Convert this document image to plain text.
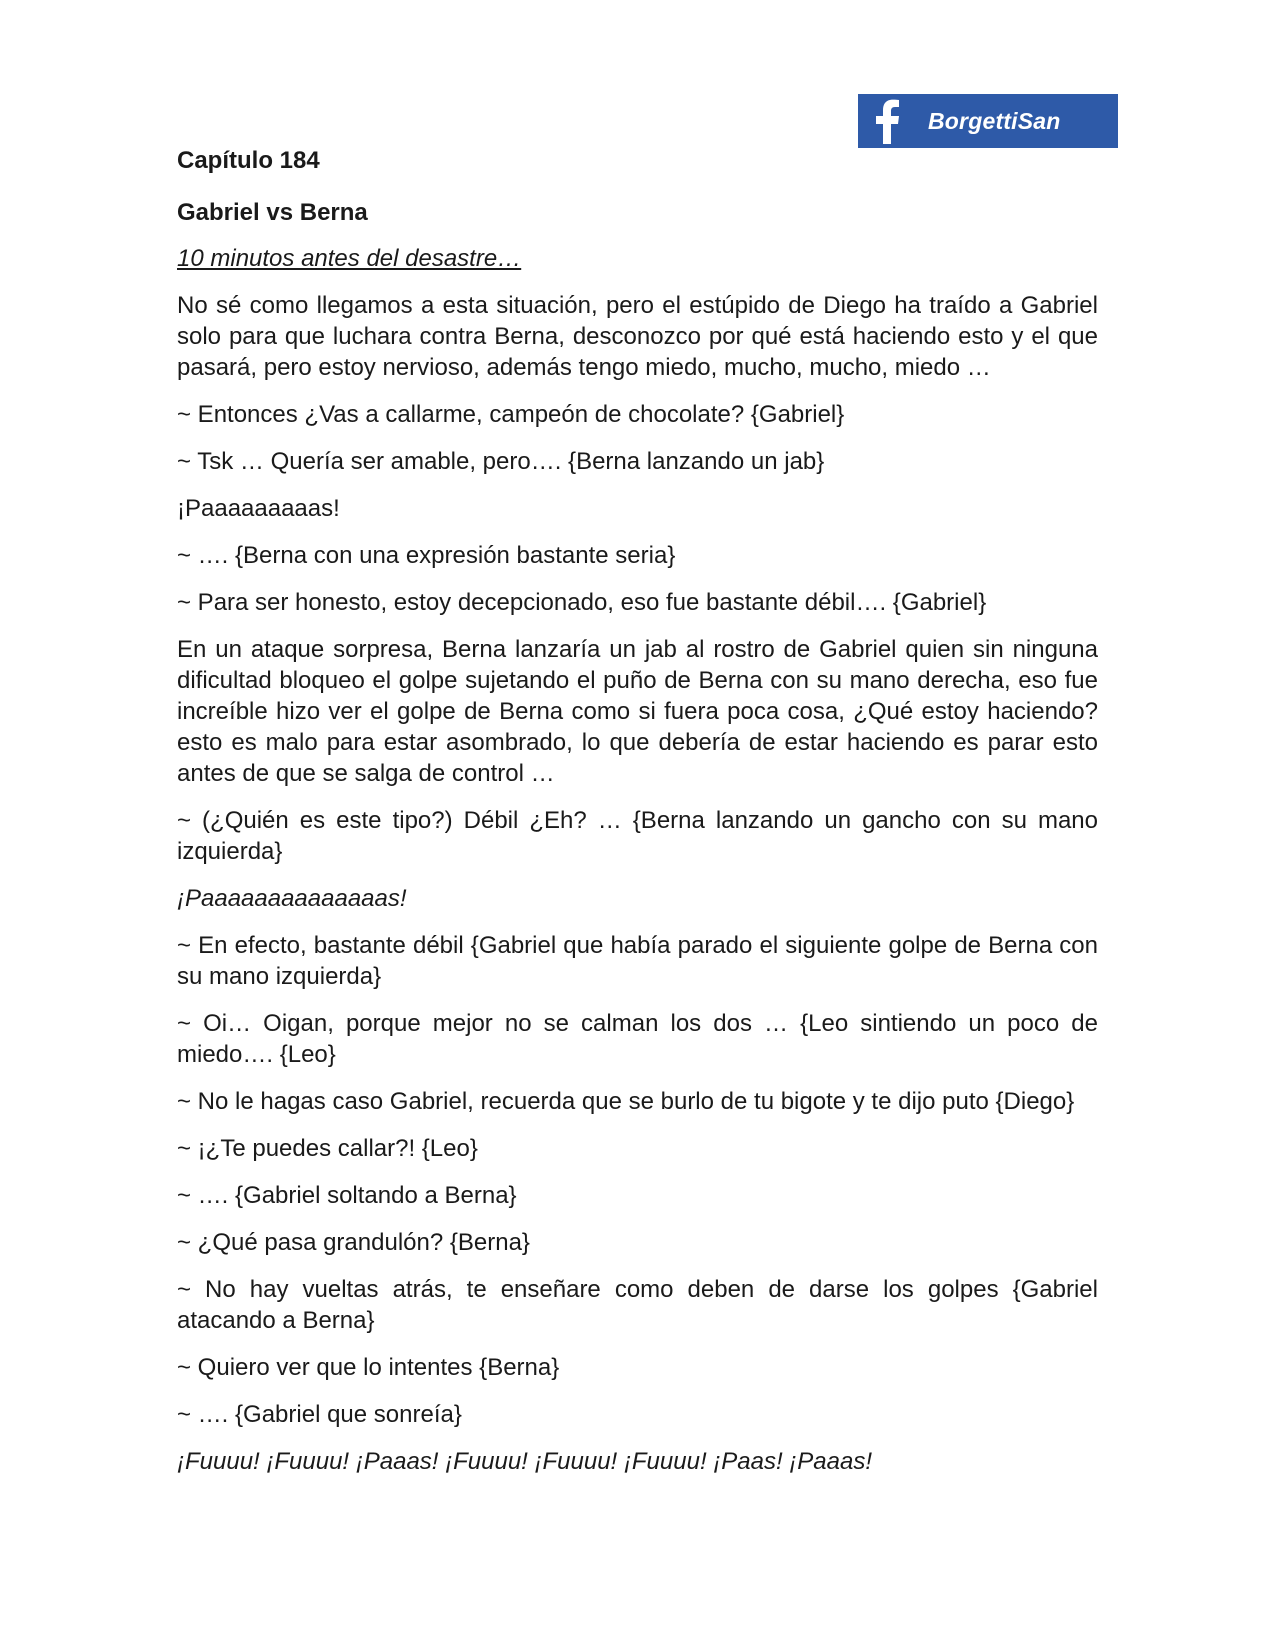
BorgettiSan
Capítulo 184
Gabriel vs Berna
10 minutos antes del desastre…

No sé como llegamos a esta situación, pero el estúpido de Diego ha traído a Gabriel solo para que luchara contra Berna, desconozco por qué está haciendo esto y el que pasará, pero estoy nervioso, además tengo miedo, mucho, mucho, miedo …

~ Entonces ¿Vas a callarme, campeón de chocolate? {Gabriel}

~ Tsk … Quería ser amable, pero…. {Berna lanzando un jab}

¡Paaaaaaaaas!

~ …. {Berna con una expresión bastante seria}

~ Para ser honesto, estoy decepcionado, eso fue bastante débil…. {Gabriel}

En un ataque sorpresa, Berna lanzaría un jab al rostro de Gabriel quien sin ninguna dificultad bloqueo el golpe sujetando el puño de Berna con su mano derecha, eso fue increíble hizo ver el golpe de Berna como si fuera poca cosa, ¿Qué estoy haciendo? esto es malo para estar asombrado, lo que debería de estar haciendo es parar esto antes de que se salga de control …

~ (¿Quién es este tipo?) Débil ¿Eh? … {Berna lanzando un gancho con su mano izquierda}

¡Paaaaaaaaaaaaaas!

~ En efecto, bastante débil {Gabriel que había parado el siguiente golpe de Berna con su mano izquierda}

~ Oi… Oigan, porque mejor no se calman los dos … {Leo sintiendo un poco de miedo…. {Leo}

~ No le hagas caso Gabriel, recuerda que se burlo de tu bigote y te dijo puto {Diego}

~ ¡¿Te puedes callar?! {Leo}

~ …. {Gabriel soltando a Berna}

~ ¿Qué pasa grandulón? {Berna}

~ No hay vueltas atrás, te enseñare como deben de darse los golpes {Gabriel atacando a Berna}

~ Quiero ver que lo intentes {Berna}

~ …. {Gabriel que sonreía}

¡Fuuuu! ¡Fuuuu! ¡Paaas! ¡Fuuuu! ¡Fuuuu! ¡Fuuuu! ¡Paas! ¡Paaas!
